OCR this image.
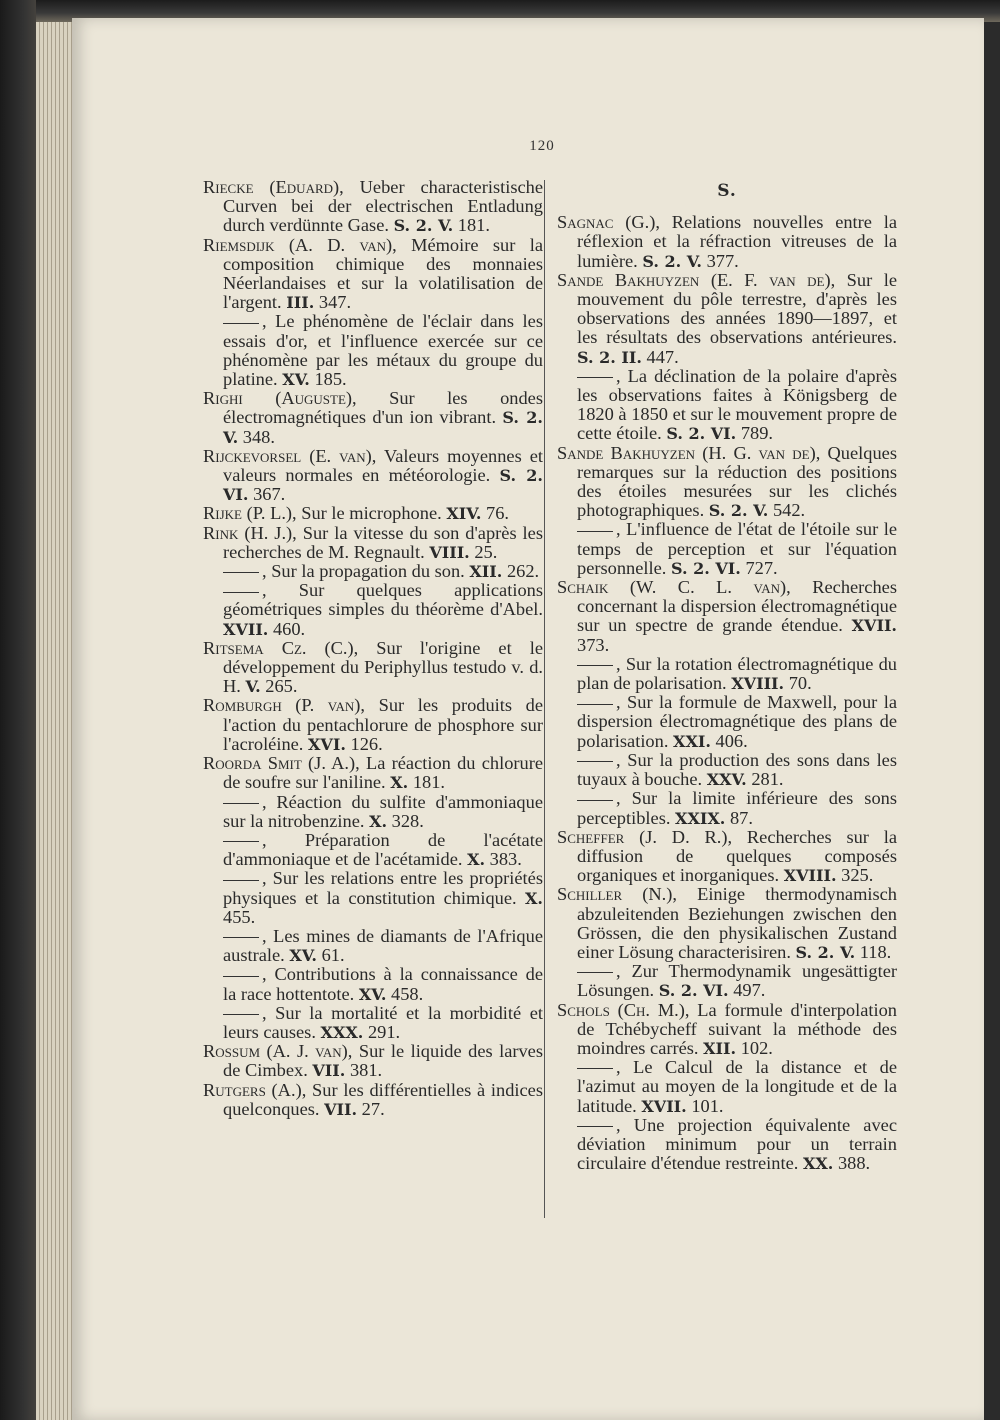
120

Riecke (Eduard), Ueber characteristische Curven bei der electrischen Entladung durch verdünnte Gase. S. 2. V. 181.

Riemsdijk (A. D. van), Mémoire sur la composition chimique des monnaies Néerlandaises et sur la volatilisation de l'argent. III. 347.

, Le phénomène de l'éclair dans les essais d'or, et l'influence exercée sur ce phénomène par les métaux du groupe du platine. XV. 185.

Righi (Auguste), Sur les ondes électromagnétiques d'un ion vibrant. S. 2. V. 348.

Rijckevorsel (E. van), Valeurs moyennes et valeurs normales en météorologie. S. 2. VI. 367.

Rijke (P. L.), Sur le microphone. XIV. 76.

Rink (H. J.), Sur la vitesse du son d'après les recherches de M. Regnault. VIII. 25.

, Sur la propagation du son. XII. 262.

, Sur quelques applications géométriques simples du théorème d'Abel. XVII. 460.

Ritsema Cz. (C.), Sur l'origine et le développement du Periphyllus testudo v. d. H. V. 265.

Romburgh (P. van), Sur les produits de l'action du pentachlorure de phosphore sur l'acroléine. XVI. 126.

Roorda Smit (J. A.), La réaction du chlorure de soufre sur l'aniline. X. 181.

, Réaction du sulfite d'ammoniaque sur la nitrobenzine. X. 328.

, Préparation de l'acétate d'ammoniaque et de l'acétamide. X. 383.

, Sur les relations entre les propriétés physiques et la constitution chimique. X. 455.

, Les mines de diamants de l'Afrique australe. XV. 61.

, Contributions à la connaissance de la race hottentote. XV. 458.

, Sur la mortalité et la morbidité et leurs causes. XXX. 291.

Rossum (A. J. van), Sur le liquide des larves de Cimbex. VII. 381.

Rutgers (A.), Sur les différentielles à indices quelconques. VII. 27.

S.

Sagnac (G.), Relations nouvelles entre la réflexion et la réfraction vitreuses de la lumière. S. 2. V. 377.

Sande Bakhuyzen (E. F. van de), Sur le mouvement du pôle terrestre, d'après les observations des années 1890—1897, et les résultats des observations antérieures. S. 2. II. 447.

, La déclination de la polaire d'après les observations faites à Königsberg de 1820 à 1850 et sur le mouvement propre de cette étoile. S. 2. VI. 789.

Sande Bakhuyzen (H. G. van de), Quelques remarques sur la réduction des positions des étoiles mesurées sur les clichés photographiques. S. 2. V. 542.

, L'influence de l'état de l'étoile sur le temps de perception et sur l'équation personnelle. S. 2. VI. 727.

Schaik (W. C. L. van), Recherches concernant la dispersion électromagnétique sur un spectre de grande étendue. XVII. 373.

, Sur la rotation électromagnétique du plan de polarisation. XVIII. 70.

, Sur la formule de Maxwell, pour la dispersion électromagnétique des plans de polarisation. XXI. 406.

, Sur la production des sons dans les tuyaux à bouche. XXV. 281.

, Sur la limite inférieure des sons perceptibles. XXIX. 87.

Scheffer (J. D. R.), Recherches sur la diffusion de quelques composés organiques et inorganiques. XVIII. 325.

Schiller (N.), Einige thermodynamisch abzuleitenden Beziehungen zwischen den Grössen, die den physikalischen Zustand einer Lösung characterisiren. S. 2. V. 118.

, Zur Thermodynamik ungesättigter Lösungen. S. 2. VI. 497.

Schols (Ch. M.), La formule d'interpolation de Tchébycheff suivant la méthode des moindres carrés. XII. 102.

, Le Calcul de la distance et de l'azimut au moyen de la longitude et de la latitude. XVII. 101.

, Une projection équivalente avec déviation minimum pour un terrain circulaire d'étendue restreinte. XX. 388.
